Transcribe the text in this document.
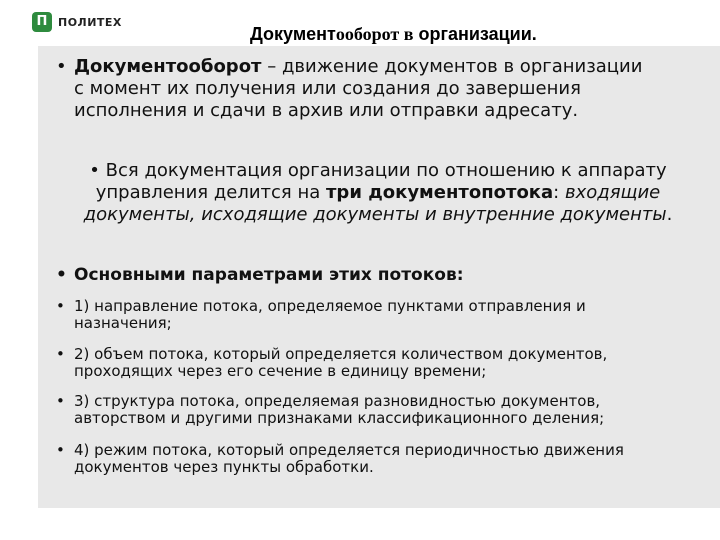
П ПОЛИТЕХ
Документооборот в организации.
• Документооборот – движение документов в организации с момент их получения или создания до завершения исполнения и сдачи в архив или отправки адресату.
• Вся документация организации по отношению к аппарату управления делится на три документопотока: входящие документы, исходящие документы и внутренние документы.
• Основными параметрами этих потоков:
• 1) направление потока, определяемое пунктами отправления и назначения;
• 2) объем потока, который определяется количеством документов, проходящих через его сечение в единицу времени;
• 3) структура потока, определяемая разновидностью документов, авторством и другими признаками классификационного деления;
• 4) режим потока, который определяется периодичностью движения документов через пункты обработки.
